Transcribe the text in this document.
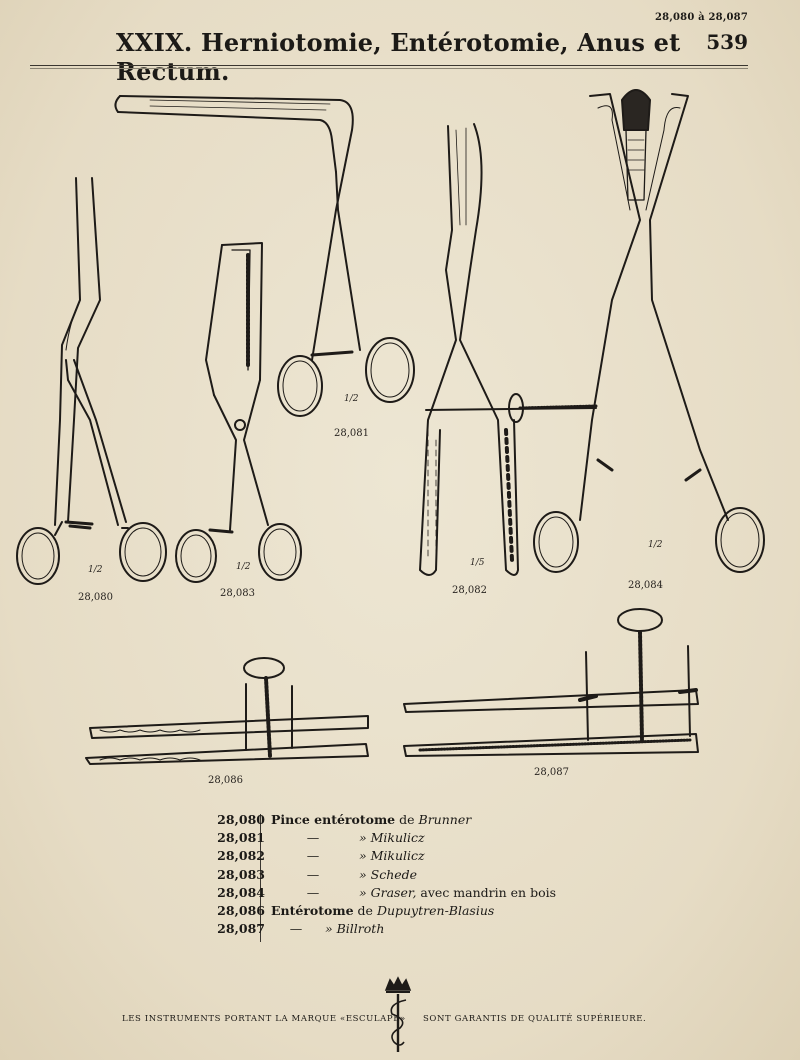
28,080 à 28,087
539
XXIX. Herniotomie, Entérotomie, Anus et Rectum.
28,080
1/2
28,081
1/2
28,082
1/5
28,083
1/2
28,084
1/2
28,086
28,087
28,080 Pince entérotome de Brunner
28,081	—	» Mikulicz
28,082	—	» Mikulicz
28,083	—	» Schede
28,084	—	» Graser, avec mandrin en bois
28,086 Entérotome de Dupuytren-Blasius
28,087	— » Billroth
LES INSTRUMENTS PORTANT LA MARQUE «ESCULAPE» SONT GARANTIS DE QUALITÉ SUPÉRIEURE.
